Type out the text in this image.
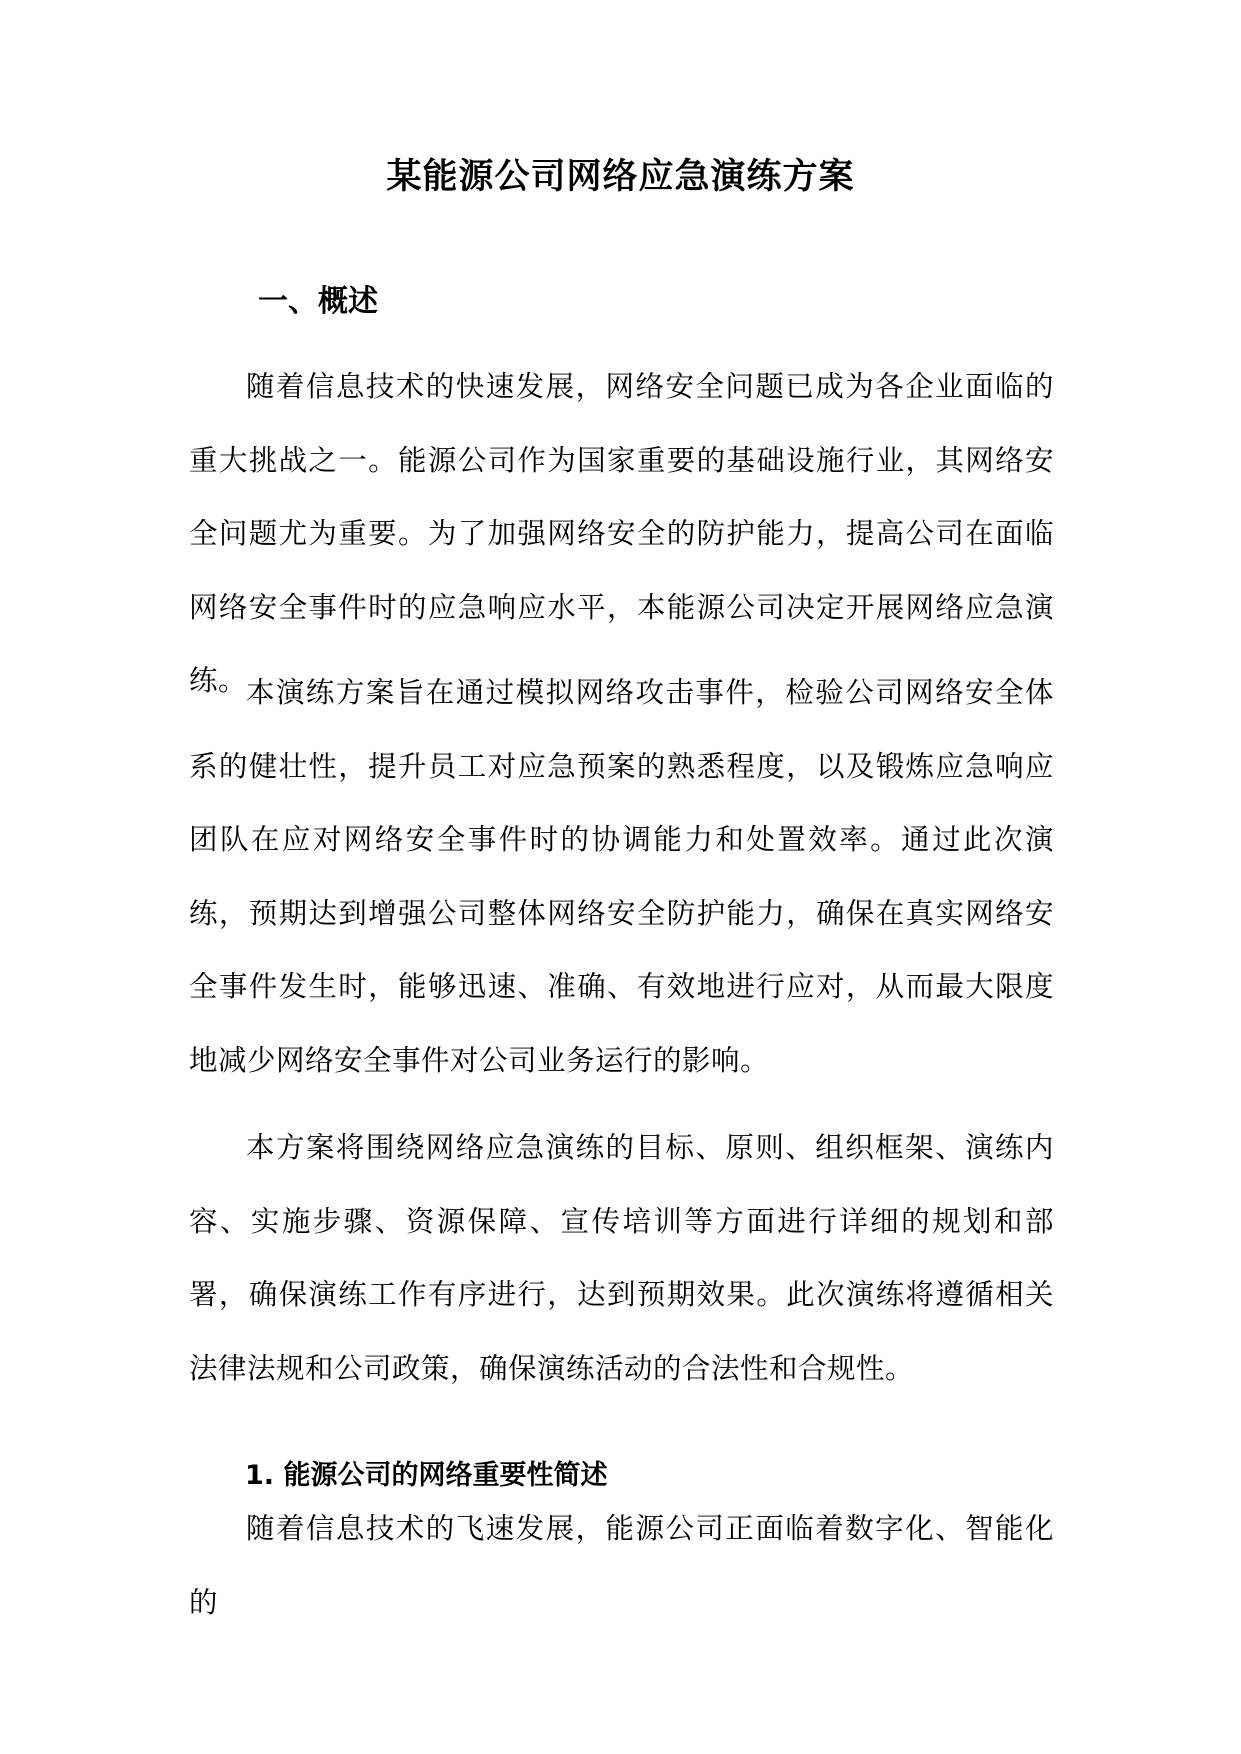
某能源公司网络应急演练方案
一、概述

随着信息技术的快速发展，网络安全问题已成为各企业面临的重大挑战之一。能源公司作为国家重要的基础设施行业，其网络安全问题尤为重要。为了加强网络安全的防护能力，提高公司在面临网络安全事件时的应急响应水平，本能源公司决定开展网络应急演练。

本演练方案旨在通过模拟网络攻击事件，检验公司网络安全体系的健壮性，提升员工对应急预案的熟悉程度，以及锻炼应急响应团队在应对网络安全事件时的协调能力和处置效率。通过此次演练，预期达到增强公司整体网络安全防护能力，确保在真实网络安全事件发生时，能够迅速、准确、有效地进行应对，从而最大限度地减少网络安全事件对公司业务运行的影响。

本方案将围绕网络应急演练的目标、原则、组织框架、演练内容、实施步骤、资源保障、宣传培训等方面进行详细的规划和部署，确保演练工作有序进行，达到预期效果。此次演练将遵循相关法律法规和公司政策，确保演练活动的合法性和合规性。

1. 能源公司的网络重要性简述

随着信息技术的飞速发展，能源公司正面临着数字化、智能化的
